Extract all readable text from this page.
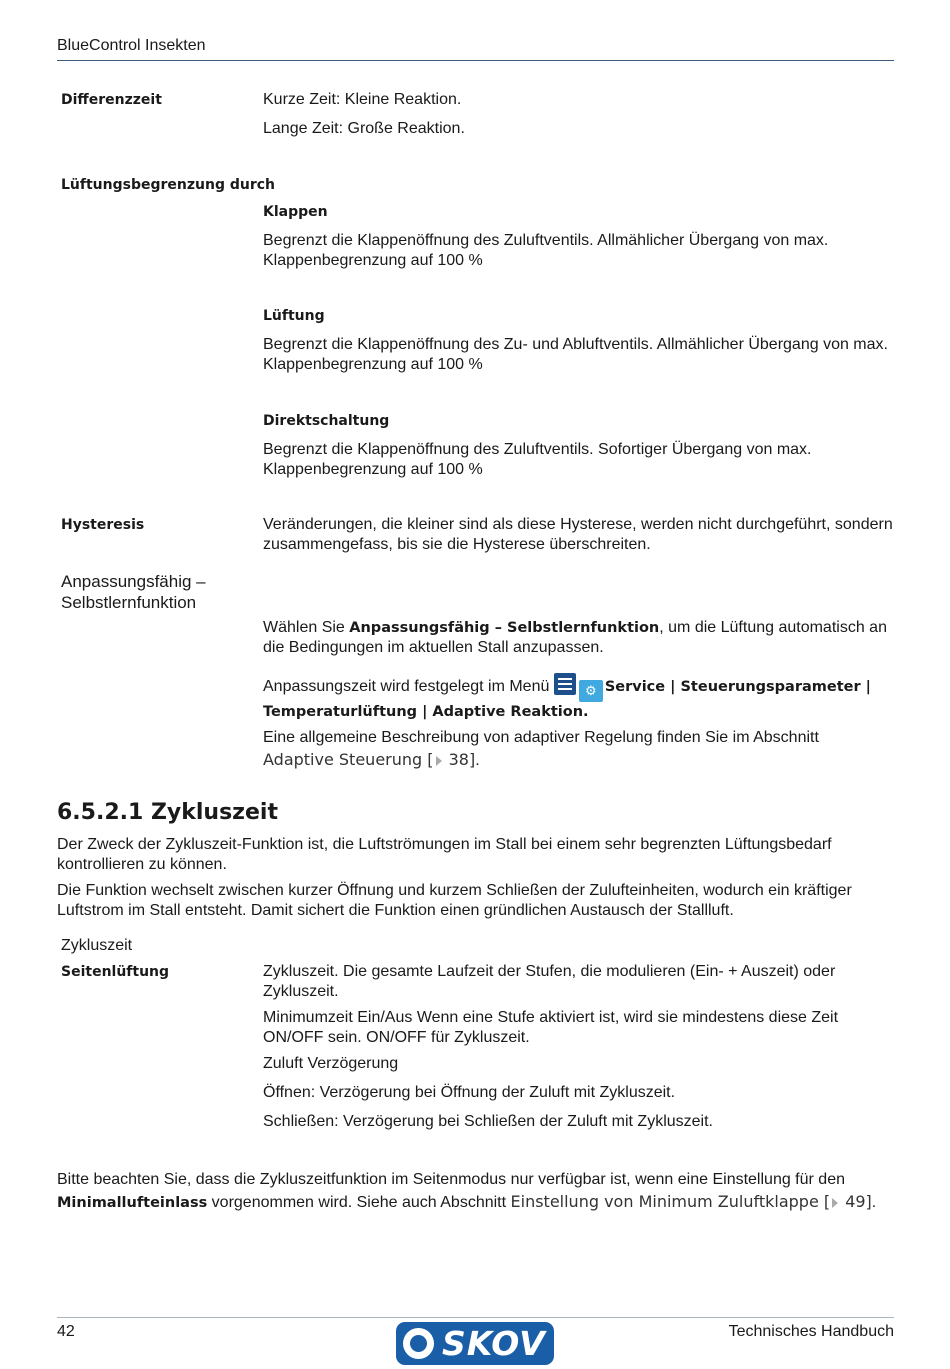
BlueControl Insekten
Differenzzeit	Kurze Zeit: Kleine Reaktion.
Lange Zeit: Große Reaktion.
Lüftungsbegrenzung durch
Klappen
Begrenzt die Klappenöffnung des Zuluftventils. Allmählicher Übergang von max. Klappenbegrenzung auf 100 %
Lüftung
Begrenzt die Klappenöffnung des Zu- und Abluftventils. Allmählicher Übergang von max. Klappenbegrenzung auf 100 %
Direktschaltung
Begrenzt die Klappenöffnung des Zuluftventils. Sofortiger Übergang von max. Klappenbegrenzung auf 100 %
Hysteresis	Veränderungen, die kleiner sind als diese Hysterese, werden nicht durchgeführt, sondern zusammengefass, bis sie die Hysterese überschreiten.
Anpassungsfähig – Selbstlernfunktion
Wählen Sie Anpassungsfähig – Selbstlernfunktion, um die Lüftung automatisch an die Bedingungen im aktuellen Stall anzupassen.
Anpassungszeit wird festgelegt im Menü
⚙ Service | Steuerungsparameter | Temperaturlüftung | Adaptive Reaktion.
Eine allgemeine Beschreibung von adaptiver Regelung finden Sie im Abschnitt Adaptive Steuerung [ 38].
6.5.2.1 Zykluszeit
Der Zweck der Zykluszeit-Funktion ist, die Luftströmungen im Stall bei einem sehr begrenzten Lüftungsbedarf kontrollieren zu können.
Die Funktion wechselt zwischen kurzer Öffnung und kurzem Schließen der Zulufteinheiten, wodurch ein kräftiger Luftstrom im Stall entsteht. Damit sichert die Funktion einen gründlichen Austausch der Stallluft.
Zykluszeit
Seitenlüftung	Zykluszeit. Die gesamte Laufzeit der Stufen, die modulieren (Ein- + Auszeit) oder Zykluszeit.
Minimumzeit Ein/Aus Wenn eine Stufe aktiviert ist, wird sie mindestens diese Zeit ON/OFF sein. ON/OFF für Zykluszeit.
Zuluft Verzögerung
Öffnen: Verzögerung bei Öffnung der Zuluft mit Zykluszeit.
Schließen: Verzögerung bei Schließen der Zuluft mit Zykluszeit.
Bitte beachten Sie, dass die Zykluszeitfunktion im Seitenmodus nur verfügbar ist, wenn eine Einstellung für den Minimallufteinlass vorgenommen wird. Siehe auch Abschnitt Einstellung von Minimum Zuluftklappe [ 49].
42	SKOV	Technisches Handbuch
